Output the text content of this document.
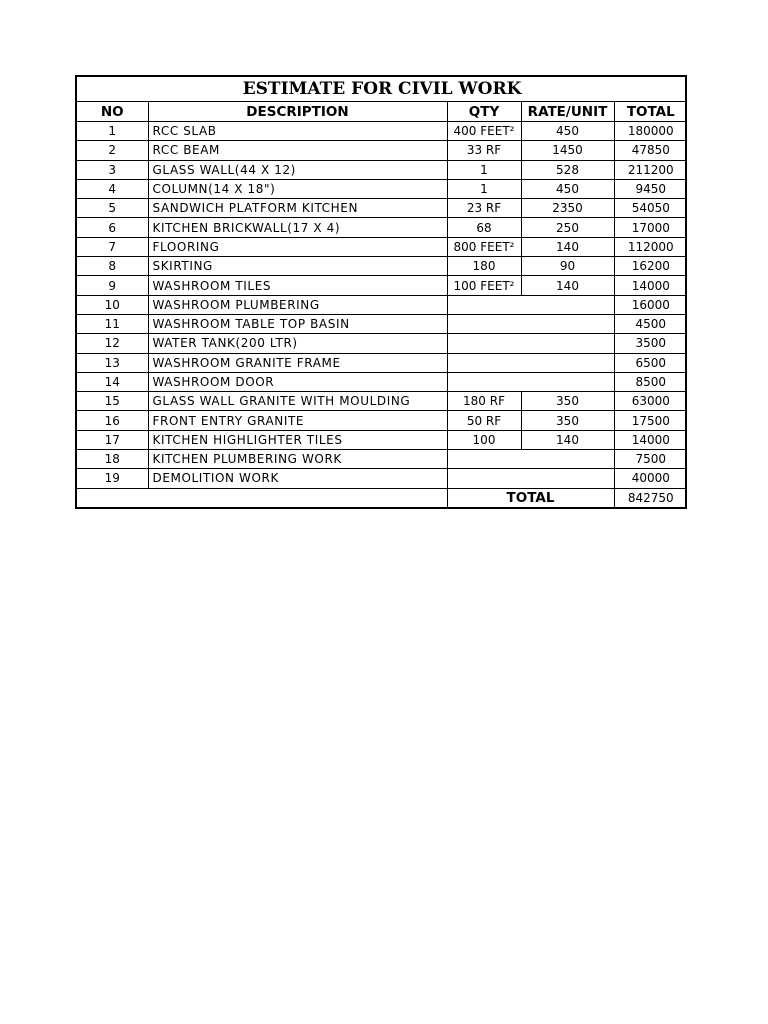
ESTIMATE FOR CIVIL WORK				
NO	DESCRIPTION	QTY	RATE/UNIT	TOTAL
1	RCC SLAB	400 FEET²	450	180000
2	RCC BEAM	33 RF	1450	47850
3	GLASS WALL(44 X 12)	1	528	211200
4	COLUMN(14 X 18")	1	450	9450
5	SANDWICH PLATFORM KITCHEN	23 RF	2350	54050
6	KITCHEN BRICKWALL(17 X 4)	68	250	17000
7	FLOORING	800 FEET²	140	112000
8	SKIRTING	180	90	16200
9	WASHROOM TILES	100 FEET²	140	14000
10	WASHROOM PLUMBERING			16000
11	WASHROOM TABLE TOP BASIN			4500
12	WATER TANK(200 LTR)			3500
13	WASHROOM GRANITE FRAME			6500
14	WASHROOM DOOR			8500
15	GLASS WALL GRANITE WITH MOULDING	180 RF	350	63000
16	FRONT ENTRY GRANITE	50 RF	350	17500
17	KITCHEN HIGHLIGHTER TILES	100	140	14000
18	KITCHEN PLUMBERING WORK			7500
19	DEMOLITION WORK			40000
		TOTAL		842750
